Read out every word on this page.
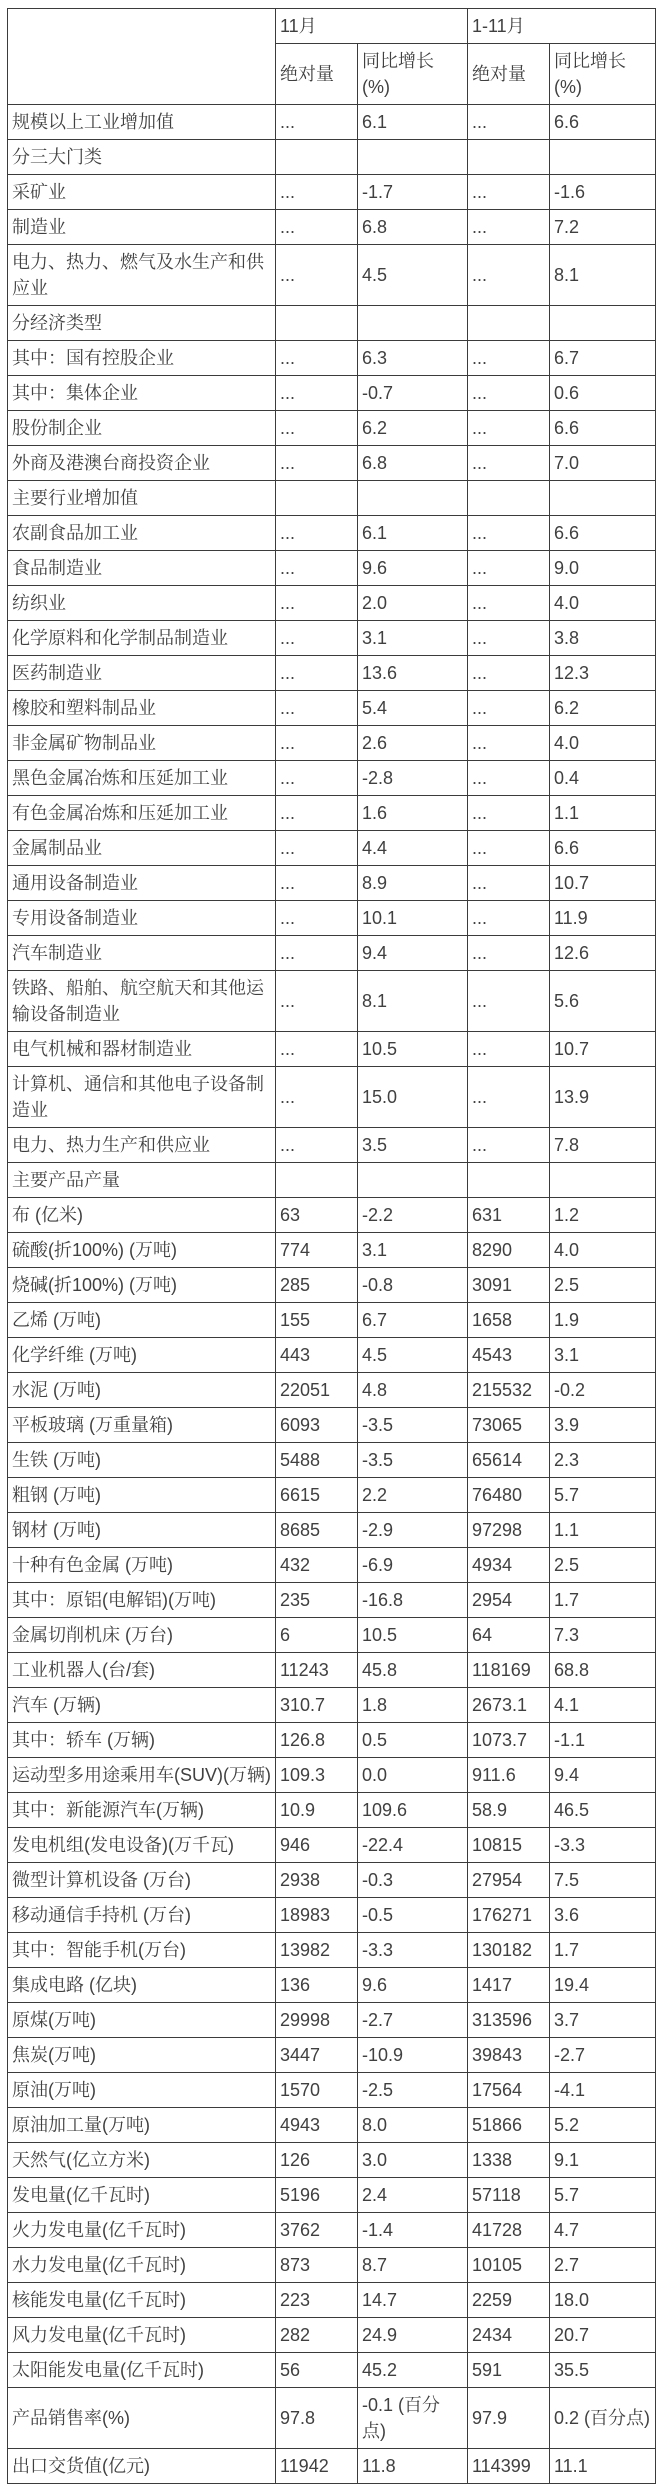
	11月		1-11月	
	绝对量	同比增长 (%)	绝对量	同比增长 (%)
规模以上工业增加值	...	6.1	...	6.6
分三大门类				
采矿业	...	-1.7	...	-1.6
制造业	...	6.8	...	7.2
电力、热力、燃气及水生产和供应业	...	4.5	...	8.1
分经济类型				
其中：国有控股企业	...	6.3	...	6.7
其中：集体企业	...	-0.7	...	0.6
股份制企业	...	6.2	...	6.6
外商及港澳台商投资企业	...	6.8	...	7.0
主要行业增加值				
农副食品加工业	...	6.1	...	6.6
食品制造业	...	9.6	...	9.0
纺织业	...	2.0	...	4.0
化学原料和化学制品制造业	...	3.1	...	3.8
医药制造业	...	13.6	...	12.3
橡胶和塑料制品业	...	5.4	...	6.2
非金属矿物制品业	...	2.6	...	4.0
黑色金属冶炼和压延加工业	...	-2.8	...	0.4
有色金属冶炼和压延加工业	...	1.6	...	1.1
金属制品业	...	4.4	...	6.6
通用设备制造业	...	8.9	...	10.7
专用设备制造业	...	10.1	...	11.9
汽车制造业	...	9.4	...	12.6
铁路、船舶、航空航天和其他运输设备制造业	...	8.1	...	5.6
电气机械和器材制造业	...	10.5	...	10.7
计算机、通信和其他电子设备制造业	...	15.0	...	13.9
电力、热力生产和供应业	...	3.5	...	7.8
主要产品产量				
布 (亿米)	63	-2.2	631	1.2
硫酸(折100%) (万吨)	774	3.1	8290	4.0
烧碱(折100%) (万吨)	285	-0.8	3091	2.5
乙烯 (万吨)	155	6.7	1658	1.9
化学纤维 (万吨)	443	4.5	4543	3.1
水泥 (万吨)	22051	4.8	215532	-0.2
平板玻璃 (万重量箱)	6093	-3.5	73065	3.9
生铁 (万吨)	5488	-3.5	65614	2.3
粗钢 (万吨)	6615	2.2	76480	5.7
钢材 (万吨)	8685	-2.9	97298	1.1
十种有色金属 (万吨)	432	-6.9	4934	2.5
其中：原铝(电解铝)(万吨)	235	-16.8	2954	1.7
金属切削机床 (万台)	6	10.5	64	7.3
工业机器人(台/套)	11243	45.8	118169	68.8
汽车 (万辆)	310.7	1.8	2673.1	4.1
其中：轿车 (万辆)	126.8	0.5	1073.7	-1.1
运动型多用途乘用车(SUV)(万辆)	109.3	0.0	911.6	9.4
其中：新能源汽车(万辆)	10.9	109.6	58.9	46.5
发电机组(发电设备)(万千瓦)	946	-22.4	10815	-3.3
微型计算机设备 (万台)	2938	-0.3	27954	7.5
移动通信手持机 (万台)	18983	-0.5	176271	3.6
其中：智能手机(万台)	13982	-3.3	130182	1.7
集成电路 (亿块)	136	9.6	1417	19.4
原煤(万吨)	29998	-2.7	313596	3.7
焦炭(万吨)	3447	-10.9	39843	-2.7
原油(万吨)	1570	-2.5	17564	-4.1
原油加工量(万吨)	4943	8.0	51866	5.2
天然气(亿立方米)	126	3.0	1338	9.1
发电量(亿千瓦时)	5196	2.4	57118	5.7
火力发电量(亿千瓦时)	3762	-1.4	41728	4.7
水力发电量(亿千瓦时)	873	8.7	10105	2.7
核能发电量(亿千瓦时)	223	14.7	2259	18.0
风力发电量(亿千瓦时)	282	24.9	2434	20.7
太阳能发电量(亿千瓦时)	56	45.2	591	35.5
产品销售率(%)	97.8	-0.1 (百分点)	97.9	0.2 (百分点)
出口交货值(亿元)	11942	11.8	114399	11.1
